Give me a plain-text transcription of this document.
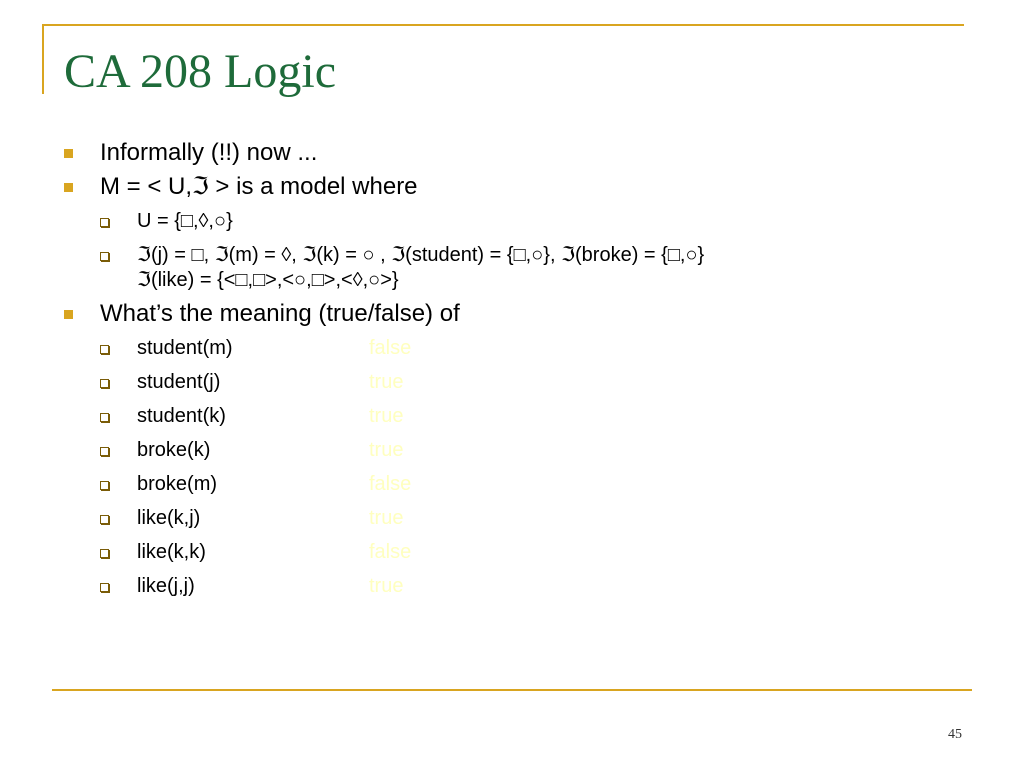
CA 208 Logic

Informally (!!) now ...

M = < U,ℑ > is a model where

U = {□,◊,○}

ℑ(j) = □, ℑ(m) = ◊, ℑ(k) = ○ , ℑ(student) = {□,○}, ℑ(broke) = {□,○}
ℑ(like) = {<□,□>,<○,□>,<◊,○>}

What’s the meaning (true/false) of

student(m)	false

student(j)	true

student(k)	true

broke(k)	true

broke(m)	false

like(k,j)	true

like(k,k)	false

like(j,j)	true

45
